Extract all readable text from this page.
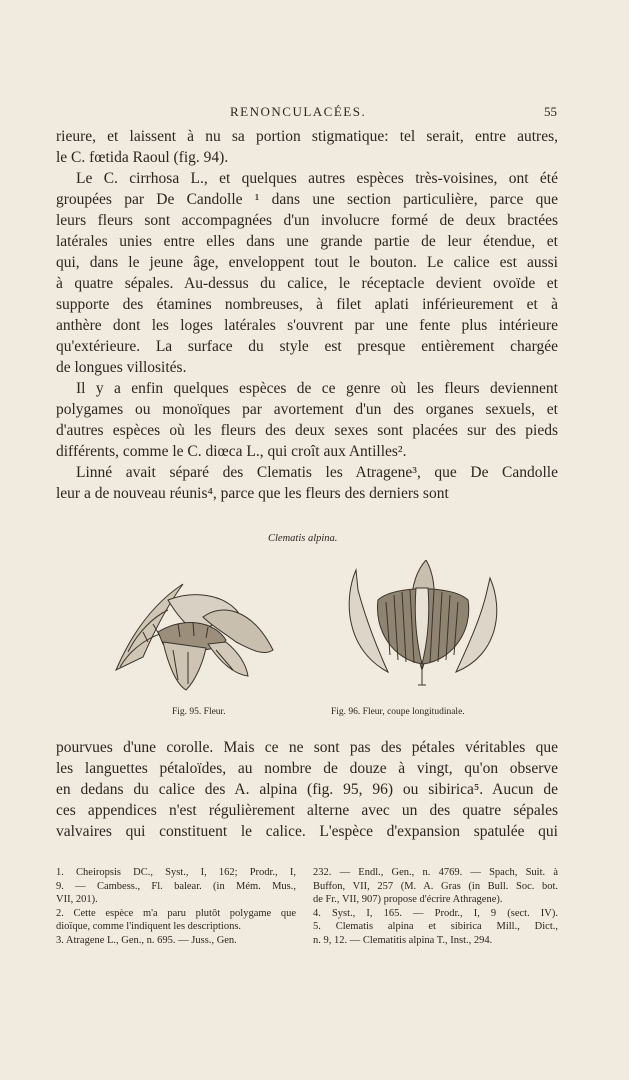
RENONCULACÉES.	55
rieure, et laissent à nu sa portion stigmatique: tel serait, entre autres,
le C. fœtida Raoul (fig. 94).
Le C. cirrhosa L., et quelques autres espèces très-voisines, ont été
groupées par De Candolle ¹ dans une section particulière, parce que
leurs fleurs sont accompagnées d'un involucre formé de deux bractées
latérales unies entre elles dans une grande partie de leur étendue, et
qui, dans le jeune âge, enveloppent tout le bouton. Le calice est aussi
à quatre sépales. Au-dessus du calice, le réceptacle devient ovoïde et
supporte des étamines nombreuses, à filet aplati inférieurement et à
anthère dont les loges latérales s'ouvrent par une fente plus intérieure
qu'extérieure. La surface du style est presque entièrement chargée
de longues villosités.
Il y a enfin quelques espèces de ce genre où les fleurs deviennent
polygames ou monoïques par avortement d'un des organes sexuels, et
d'autres espèces où les fleurs des deux sexes sont placées sur des pieds
différents, comme le C. diœca L., qui croît aux Antilles².
Linné avait séparé des Clematis les Atragene³, que De Candolle
leur a de nouveau réunis⁴, parce que les fleurs des derniers sont
Clematis alpina.
Fig. 95. Fleur.	Fig. 96. Fleur, coupe longitudinale.
pourvues d'une corolle. Mais ce ne sont pas des pétales véritables que
les languettes pétaloïdes, au nombre de douze à vingt, qu'on observe
en dedans du calice des A. alpina (fig. 95, 96) ou sibirica⁵. Aucun de
ces appendices n'est régulièrement alterne avec un des quatre sépales
valvaires qui constituent le calice. L'espèce d'expansion spatulée qui
1. Cheiropsis DC., Syst., I, 162; Prodr., I,
9. — Cambess., Fl. balear. (in Mém. Mus.,
VII, 201).
2. Cette espèce m'a paru plutôt polygame que
dioïque, comme l'indiquent les descriptions.
3. Atragene L., Gen., n. 695. — Juss., Gen.
232. — Endl., Gen., n. 4769. — Spach, Suit. à
Buffon, VII, 257 (M. A. Gras (in Bull. Soc. bot.
de Fr., VII, 907) propose d'écrire Athragene).
4. Syst., I, 165. — Prodr., I, 9 (sect. IV).
5. Clematis alpina et sibirica Mill., Dict.,
n. 9, 12. — Clematitis alpina T., Inst., 294.
